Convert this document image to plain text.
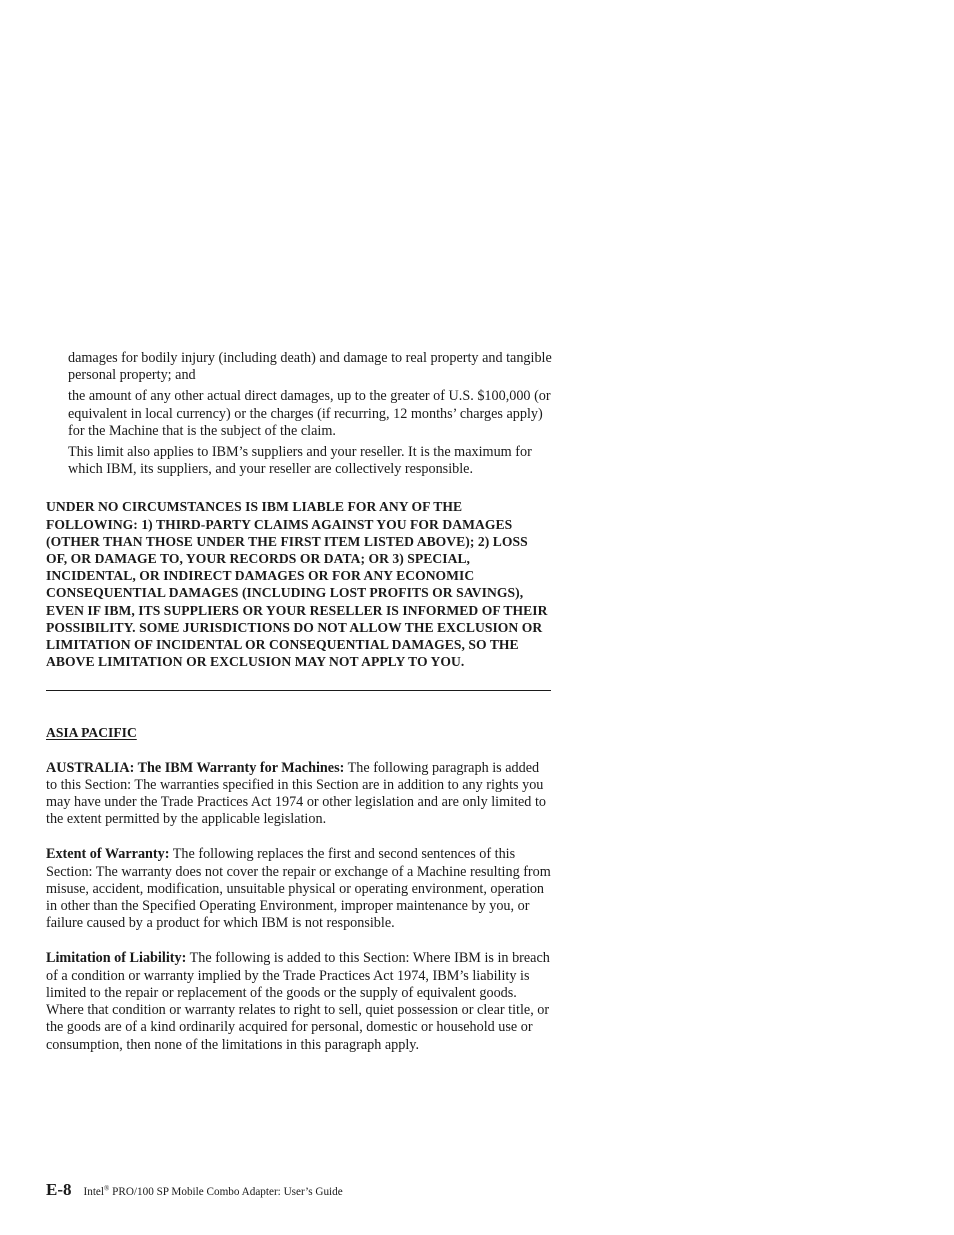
damages for bodily injury (including death) and damage to real property and tangible personal property; and

the amount of any other actual direct damages, up to the greater of U.S. $100,000 (or equivalent in local currency) or the charges (if recurring, 12 months’ charges apply) for the Machine that is the subject of the claim.

This limit also applies to IBM’s suppliers and your reseller. It is the maximum for which IBM, its suppliers, and your reseller are collectively responsible.

UNDER NO CIRCUMSTANCES IS IBM LIABLE FOR ANY OF THE FOLLOWING: 1) THIRD-PARTY CLAIMS AGAINST YOU FOR DAMAGES (OTHER THAN THOSE UNDER THE FIRST ITEM LISTED ABOVE); 2) LOSS OF, OR DAMAGE TO, YOUR RECORDS OR DATA; OR 3) SPECIAL, INCIDENTAL, OR INDIRECT DAMAGES OR FOR ANY ECONOMIC CONSEQUENTIAL DAMAGES (INCLUDING LOST PROFITS OR SAVINGS), EVEN IF IBM, ITS SUPPLIERS OR YOUR RESELLER IS INFORMED OF THEIR POSSIBILITY. SOME JURISDICTIONS DO NOT ALLOW THE EXCLUSION OR LIMITATION OF INCIDENTAL OR CONSEQUENTIAL DAMAGES, SO THE ABOVE LIMITATION OR EXCLUSION MAY NOT APPLY TO YOU.

ASIA PACIFIC

AUSTRALIA: The IBM Warranty for Machines: The following paragraph is added to this Section: The warranties specified in this Section are in addition to any rights you may have under the Trade Practices Act 1974 or other legislation and are only limited to the extent permitted by the applicable legislation.

Extent of Warranty: The following replaces the first and second sentences of this Section: The warranty does not cover the repair or exchange of a Machine resulting from misuse, accident, modification, unsuitable physical or operating environment, operation in other than the Specified Operating Environment, improper maintenance by you, or failure caused by a product for which IBM is not responsible.

Limitation of Liability: The following is added to this Section: Where IBM is in breach of a condition or warranty implied by the Trade Practices Act 1974, IBM’s liability is limited to the repair or replacement of the goods or the supply of equivalent goods. Where that condition or warranty relates to right to sell, quiet possession or clear title, or the goods are of a kind ordinarily acquired for personal, domestic or household use or consumption, then none of the limitations in this paragraph apply.

E-8 Intel® PRO/100 SP Mobile Combo Adapter: User’s Guide
